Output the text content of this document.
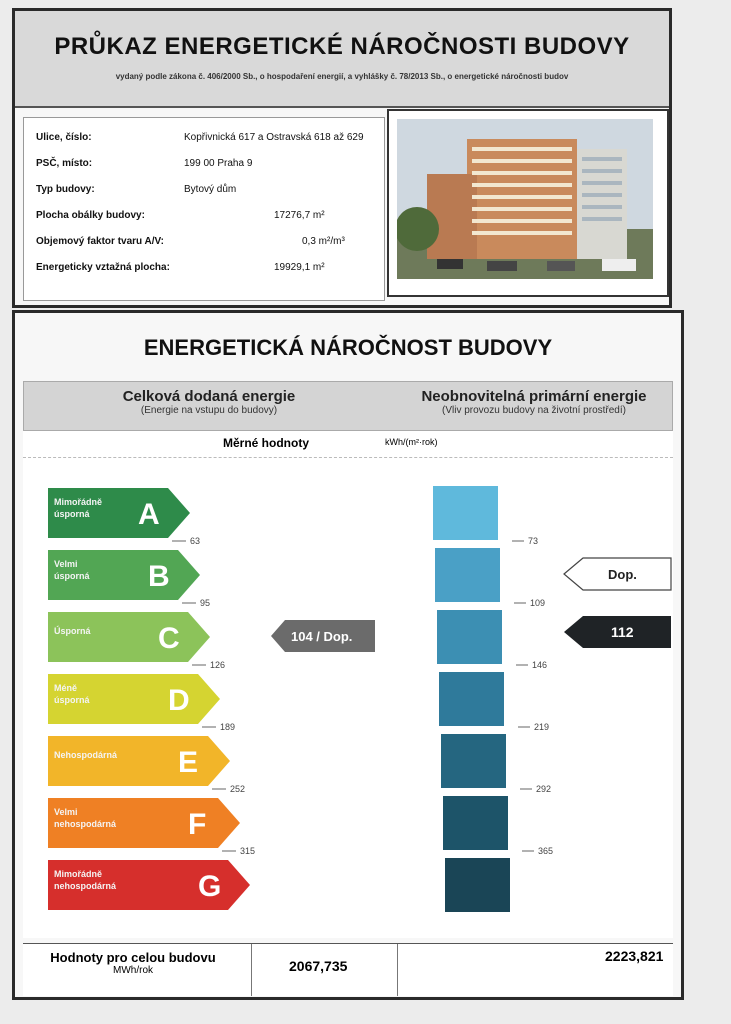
PRŮKAZ ENERGETICKÉ NÁROČNOSTI BUDOVY
vydaný podle zákona č. 406/2000 Sb., o hospodaření energií, a vyhlášky č. 78/2013 Sb., o energetické náročnosti budov
Ulice, číslo:	Kopřivnická 617 a Ostravská 618 až 629
PSČ, místo:	199 00 Praha 9
Typ budovy:	Bytový dům
Plocha obálky budovy:	17276,7 m²
Objemový faktor tvaru A/V:	0,3 m²/m³
Energeticky vztažná plocha:	19929,1 m²
ENERGETICKÁ NÁROČNOST BUDOVY
Celková dodaná energie
(Energie na vstupu do budovy)
Neobnovitelná primární energie
(Vliv provozu budovy na životní prostředí)
Měrné hodnoty	kWh/(m²·rok)
Mimořádně
úsporná A
63
Velmi
úsporná B
95
Úsporná C
126
Méně
úsporná	D
189
Nehospodárná E
252
Velmi
nehospodárná F
315
Mimořádně
nehospodárná	G
73
109
146
219
292
365
104 / Dop.
Dop.
112
Hodnoty pro celou budovu
MWh/rok	2067,735
2223,821
